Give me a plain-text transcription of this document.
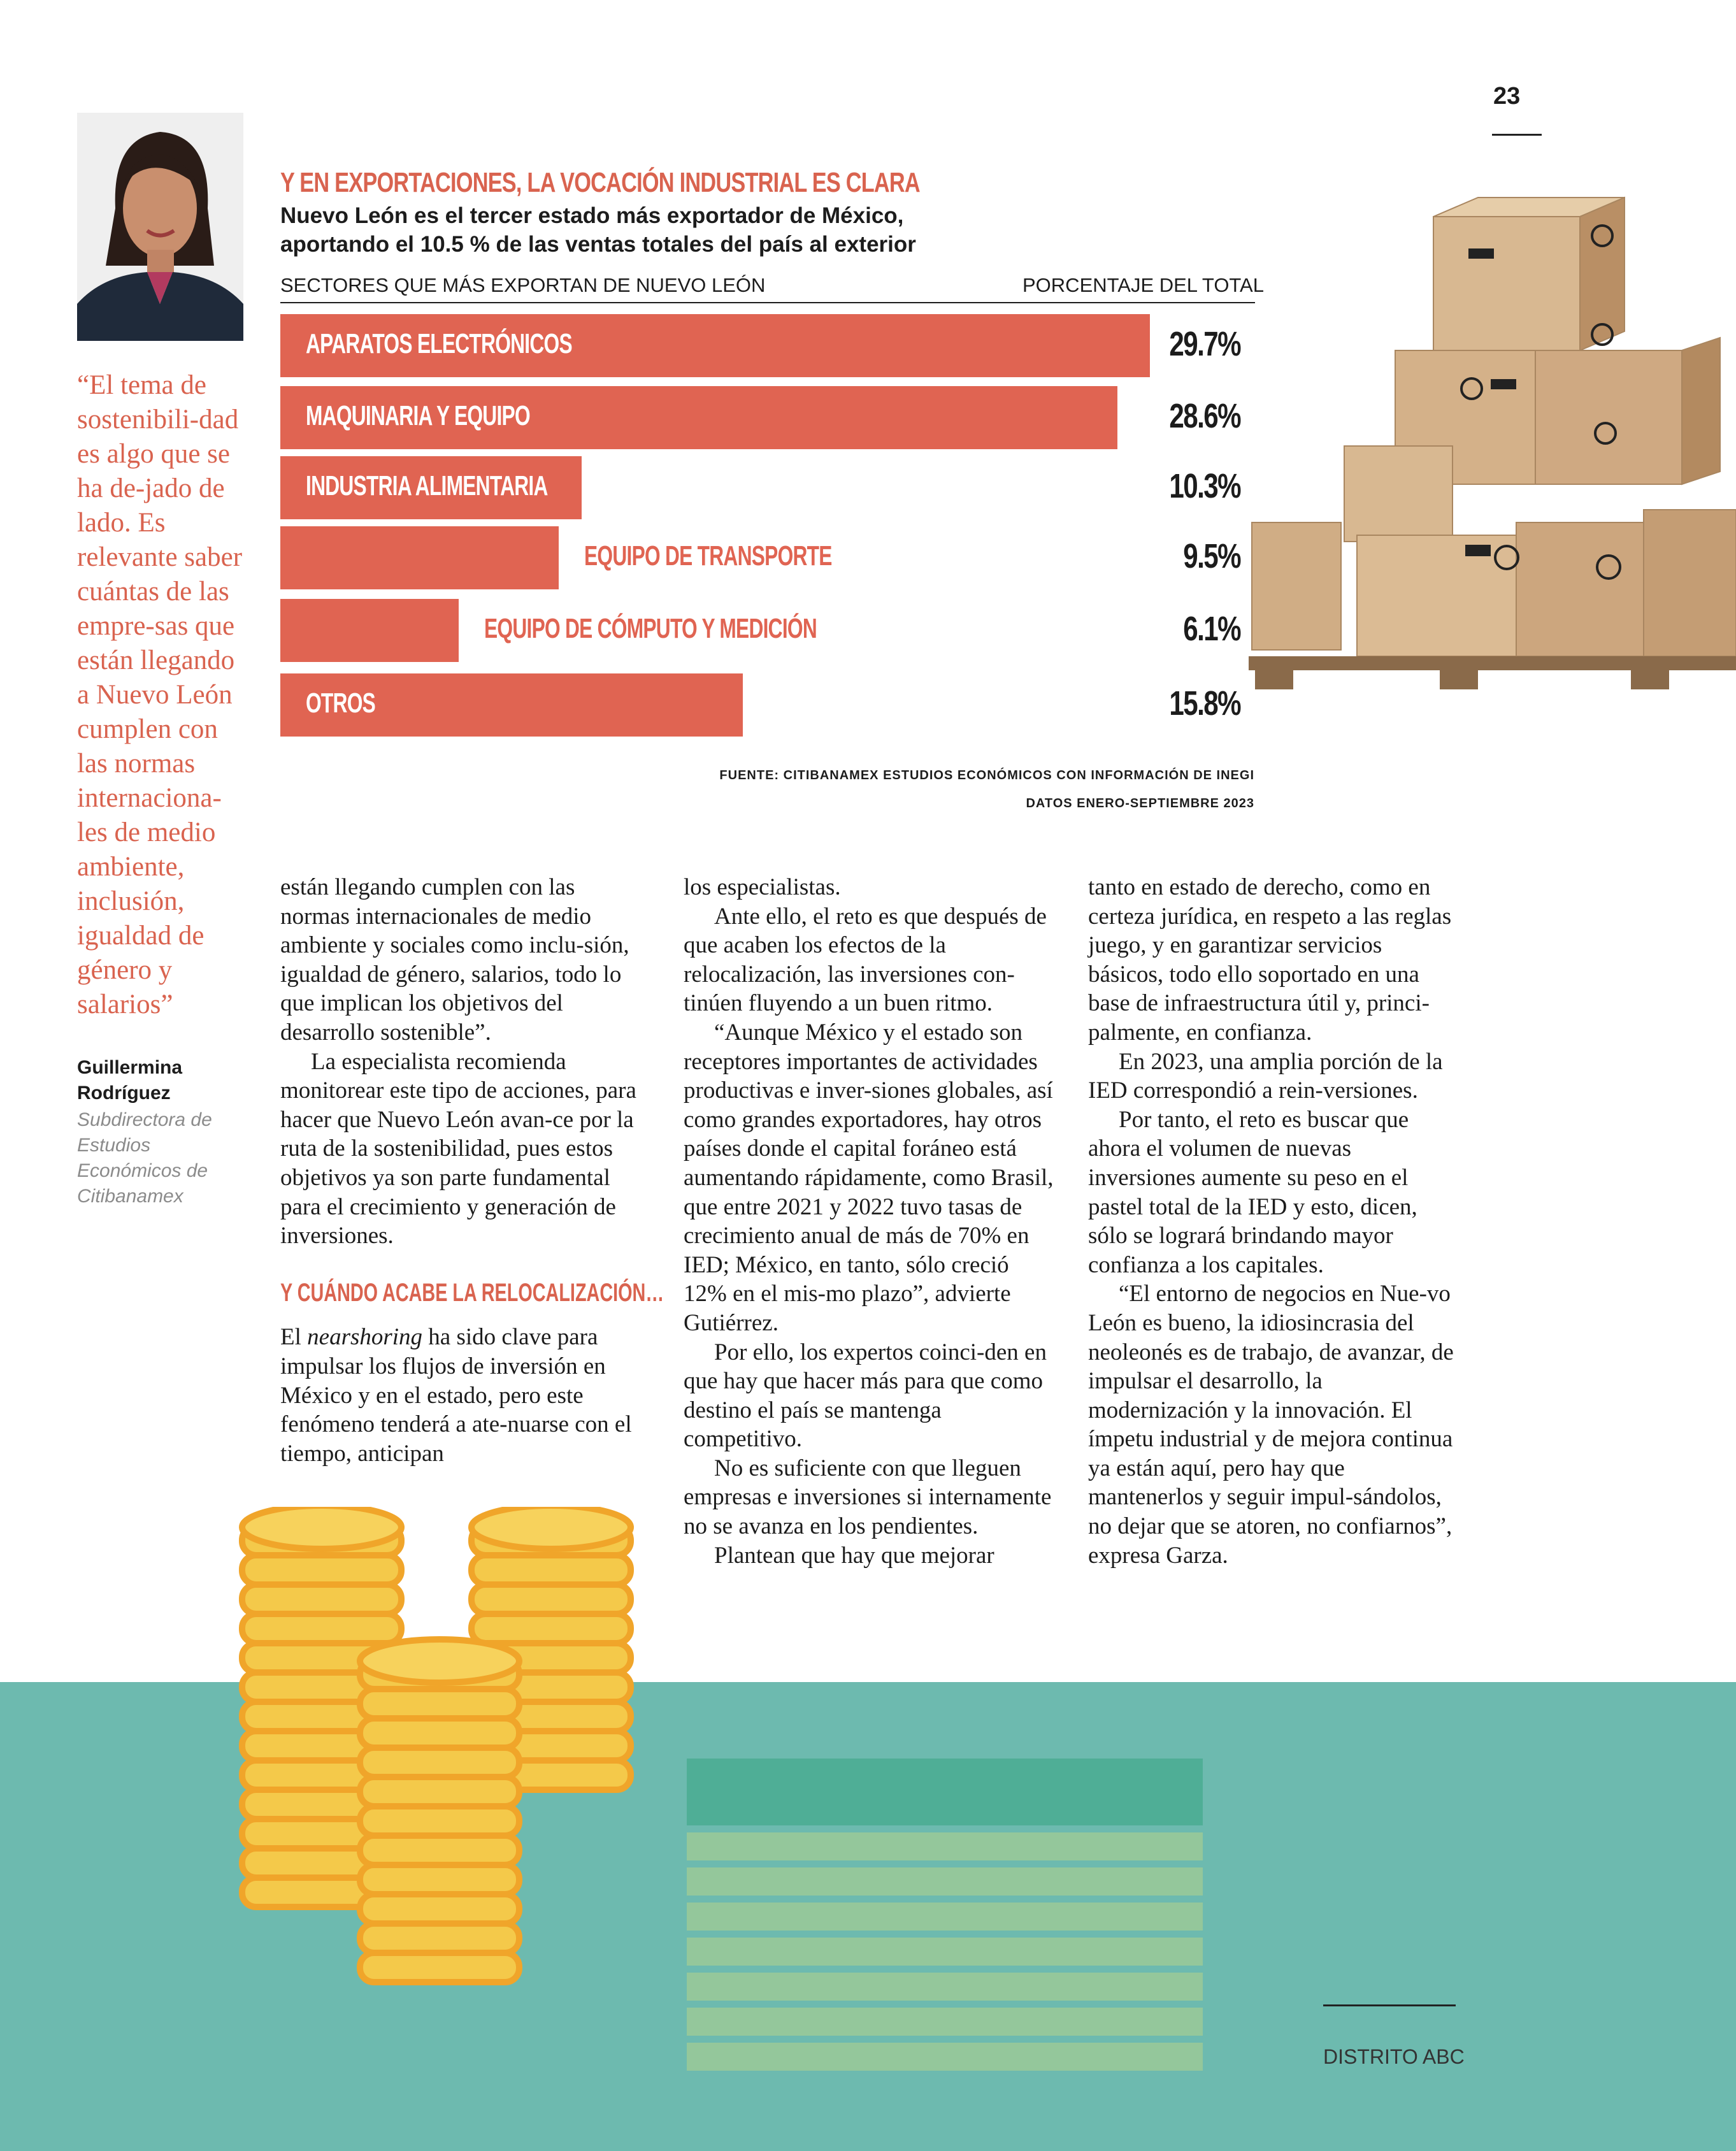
23
“El tema de sostenibili-dad es algo que se ha de-jado de lado. Es relevante saber cuántas de las empre-sas que están llegando a Nuevo León cumplen con las normas internaciona-les de medio ambiente, inclusión, igualdad de género y salarios”
Guillermina Rodríguez
Subdirectora de Estudios Económicos de Citibanamex
Y EN EXPORTACIONES, LA VOCACIÓN INDUSTRIAL ES CLARA
Nuevo León es el tercer estado más exportador de México, aportando el 10.5 % de las ventas totales del país al exterior
SECTORES QUE MÁS EXPORTAN DE NUEVO LEÓN	PORCENTAJE DEL TOTAL
APARATOS ELECTRÓNICOS	29.7%
MAQUINARIA Y EQUIPO	28.6%
INDUSTRIA ALIMENTARIA	10.3%
EQUIPO DE TRANSPORTE	9.5%
EQUIPO DE CÓMPUTO Y MEDICIÓN	6.1%
OTROS	15.8%
FUENTE: CITIBANAMEX ESTUDIOS ECONÓMICOS CON INFORMACIÓN DE INEGI
DATOS ENERO-SEPTIEMBRE 2023

están llegando cumplen con las normas internacionales de medio ambiente y sociales como inclu-sión, igualdad de género, salarios, todo lo que implican los objetivos del desarrollo sostenible”.

La especialista recomienda monitorear este tipo de acciones, para hacer que Nuevo León avan-ce por la ruta de la sostenibilidad, pues estos objetivos ya son parte fundamental para el crecimiento y generación de inversiones.

Y CUÁNDO ACABE LA RELOCALIZACIÓN…

El nearshoring ha sido clave para impulsar los flujos de inversión en México y en el estado, pero este fenómeno tenderá a ate-nuarse con el tiempo, anticipan

los especialistas.

Ante ello, el reto es que después de que acaben los efectos de la relocalización, las inversiones con-tinúen fluyendo a un buen ritmo.

“Aunque México y el estado son receptores importantes de actividades productivas e inver-siones globales, así como grandes exportadores, hay otros países donde el capital foráneo está aumentando rápidamente, como Brasil, que entre 2021 y 2022 tuvo tasas de crecimiento anual de más de 70% en IED; México, en tanto, sólo creció 12% en el mis-mo plazo”, advierte Gutiérrez.

Por ello, los expertos coinci-den en que hay que hacer más para que como destino el país se mantenga competitivo.

No es suficiente con que lleguen empresas e inversiones si internamente no se avanza en los pendientes.

Plantean que hay que mejorar

tanto en estado de derecho, como en certeza jurídica, en respeto a las reglas juego, y en garantizar servicios básicos, todo ello soportado en una base de infraestructura útil y, princi-palmente, en confianza.

En 2023, una amplia porción de la IED correspondió a rein-versiones.

Por tanto, el reto es buscar que ahora el volumen de nuevas inversiones aumente su peso en el pastel total de la IED y esto, dicen, sólo se logrará brindando mayor confianza a los capitales.

“El entorno de negocios en Nue-vo León es bueno, la idiosincrasia del neoleonés es de trabajo, de avanzar, de impulsar el desarrollo, la modernización y la innovación. El ímpetu industrial y de mejora continua ya están aquí, pero hay que mantenerlos y seguir impul-sándolos, no dejar que se atoren, no confiarnos”, expresa Garza.

DISTRITO ABC
